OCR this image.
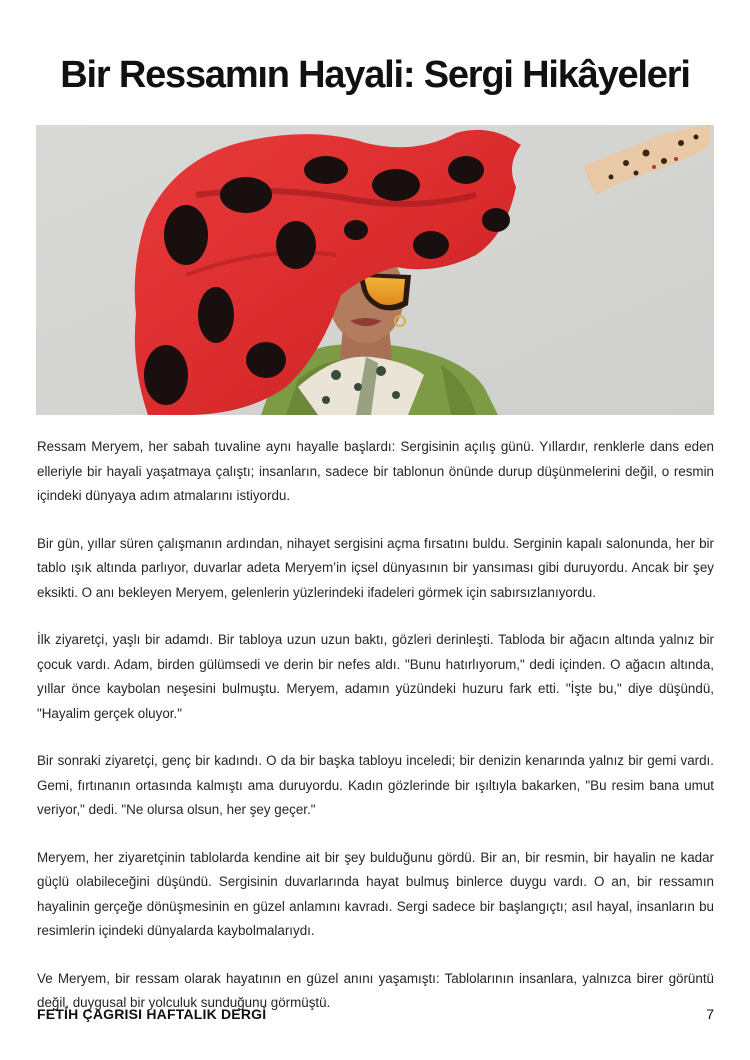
Bir Ressamın Hayali: Sergi Hikâyeleri

Ressam Meryem, her sabah tuvaline aynı hayalle başlardı: Sergisinin açılış günü. Yıllardır, renklerle dans eden elleriyle bir hayali yaşatmaya çalıştı; insanların, sadece bir tablonun önünde durup düşünmelerini değil, o resmin içindeki dünyaya adım atmalarını istiyordu.

Bir gün, yıllar süren çalışmanın ardından, nihayet sergisini açma fırsatını buldu. Serginin kapalı salonunda, her bir tablo ışık altında parlıyor, duvarlar adeta Meryem’in içsel dünyasının bir yansıması gibi duruyordu. Ancak bir şey eksikti. O anı bekleyen Meryem, gelenlerin yüzlerindeki ifadeleri görmek için sabırsızlanıyordu.

İlk ziyaretçi, yaşlı bir adamdı. Bir tabloya uzun uzun baktı, gözleri derinleşti. Tabloda bir ağacın altında yalnız bir çocuk vardı. Adam, birden gülümsedi ve derin bir nefes aldı. "Bunu hatırlıyorum," dedi içinden. O ağacın altında, yıllar önce kaybolan neşesini bulmuştu. Meryem, adamın yüzündeki huzuru fark etti. "İşte bu," diye düşündü, "Hayalim gerçek oluyor."

Bir sonraki ziyaretçi, genç bir kadındı. O da bir başka tabloyu inceledi; bir denizin kenarında yalnız bir gemi vardı. Gemi, fırtınanın ortasında kalmıştı ama duruyordu. Kadın gözlerinde bir ışıltıyla bakarken, "Bu resim bana umut veriyor," dedi. "Ne olursa olsun, her şey geçer."

Meryem, her ziyaretçinin tablolarda kendine ait bir şey bulduğunu gördü. Bir an, bir resmin, bir hayalin ne kadar güçlü olabileceğini düşündü. Sergisinin duvarlarında hayat bulmuş binlerce duygu vardı. O an, bir ressamın hayalinin gerçeğe dönüşmesinin en güzel anlamını kavradı. Sergi sadece bir başlangıçtı; asıl hayal, insanların bu resimlerin içindeki dünyalarda kaybolmalarıydı.

Ve Meryem, bir ressam olarak hayatının en güzel anını yaşamıştı: Tablolarının insanlara, yalnızca birer görüntü değil, duygusal bir yolculuk sunduğunu görmüştü.

FETİH ÇAGRISI HAFTALIK DERGİ	7
